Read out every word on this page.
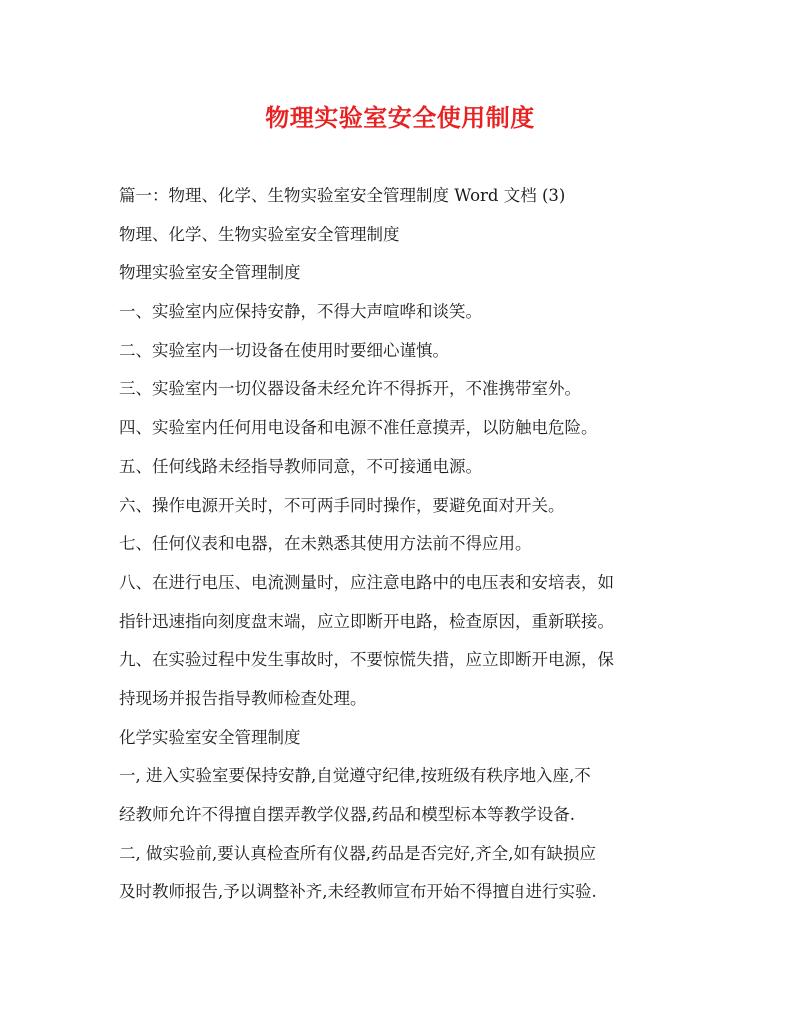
物理实验室安全使用制度
篇一：物理、化学、生物实验室安全管理制度 Word 文档 (3)
物理、化学、生物实验室安全管理制度
物理实验室安全管理制度
一、实验室内应保持安静，不得大声喧哗和谈笑。
二、实验室内一切设备在使用时要细心谨慎。
三、实验室内一切仪器设备未经允许不得拆开，不准携带室外。
四、实验室内任何用电设备和电源不准任意摸弄，以防触电危险。
五、任何线路未经指导教师同意，不可接通电源。
六、操作电源开关时，不可两手同时操作，要避免面对开关。
七、任何仪表和电器，在未熟悉其使用方法前不得应用。
八、在进行电压、电流测量时，应注意电路中的电压表和安培表，如
指针迅速指向刻度盘末端，应立即断开电路，检查原因，重新联接。
九、在实验过程中发生事故时，不要惊慌失措，应立即断开电源，保
持现场并报告指导教师检查处理。
化学实验室安全管理制度
一, 进入实验室要保持安静,自觉遵守纪律,按班级有秩序地入座,不
经教师允许不得擅自摆弄教学仪器,药品和模型标本等教学设备.
二, 做实验前,要认真检查所有仪器,药品是否完好,齐全,如有缺损应
及时教师报告,予以调整补齐,未经教师宣布开始不得擅自进行实验.
